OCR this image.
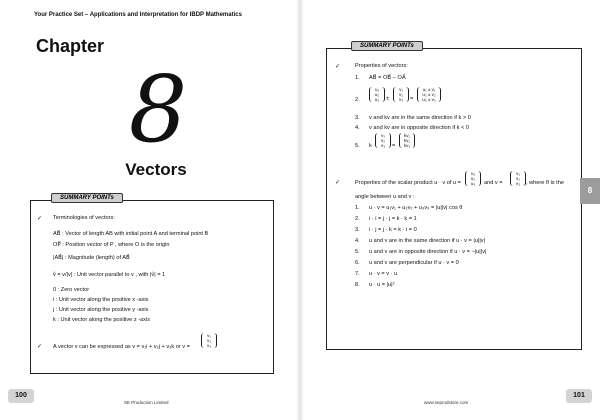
Your Practice Set – Applications and Interpretation for IBDP Mathematics
Chapter
8
Vectors
SUMMARY POINTs
✓ Terminologies of vectors:
AB⃗ : Vector of length AB with initial point A and terminal point B
OP⃗ : Position vector of P , where O is the origin
|AB⃗| : Magnitude (length) of AB⃗
v̂ = v/|v| : Unit vector parallel to v , with |v̂| = 1
0 : Zero vector
i : Unit vector along the positive x -axis
j : Unit vector along the positive y -axis
k : Unit vector along the positive z -axis
✓ A vector v can be expressed as v = v₁i + v₂j + v₃k or v =
v₁
v₂
v₃
SUMMARY POINTs
✓	Properties of vectors:
1. AB⃗ = OB⃗ − OA⃗
2.
u₁
u₂
u₃	±
v₁
v₂
v₃	=
u₁ ± v₁
u₂ ± v₂
u₃ ± v₃
3. v and kv are in the same direction if k > 0
4. v and kv are in opposite direction if k < 0
5. k
v₁
v₂
v₃	=
kv₁
kv₂
kv₃
✓	Properties of the scalar product u · v of u =
u₁
u₂
u₃	and v =
v₁
v₂
v₃	, where θ is the
angle between u and v :
1. u · v = u₁v₁ + u₂v₂ + u₃v₃ = |u||v| cos θ
2. i · i = j · j = k · k = 1
3. i · j = j · k = k · i = 0
4. u and v are in the same direction if u · v = |u||v|
5. u and v are in opposite direction if u · v = −|u||v|
6. u and v are perpendicular if u · v = 0
7. u · v = v · u
8. u · u = |u|²
8
100
SE Production Limited	www.seprodstore.com
101
